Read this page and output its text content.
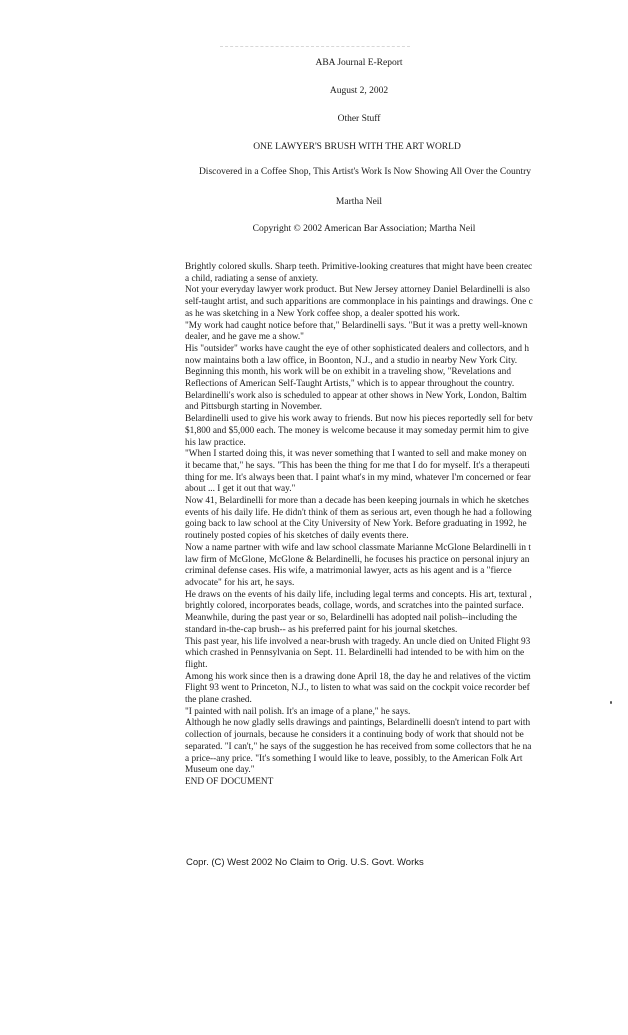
ABA Journal E-Report
August 2, 2002
Other Stuff
ONE LAWYER'S BRUSH WITH THE ART WORLD
Discovered in a Coffee Shop, This Artist's Work Is Now Showing All Over the Country
Martha Neil
Copyright © 2002 American Bar Association; Martha Neil
Brightly colored skulls. Sharp teeth. Primitive-looking creatures that might have been createc
a child, radiating a sense of anxiety.
Not your everyday lawyer work product. But New Jersey attorney Daniel Belardinelli is also
self-taught artist, and such apparitions are commonplace in his paintings and drawings. One c
as he was sketching in a New York coffee shop, a dealer spotted his work.
"My work had caught notice before that," Belardinelli says. "But it was a pretty well-known
dealer, and he gave me a show."
His "outsider" works have caught the eye of other sophisticated dealers and collectors, and h
now maintains both a law office, in Boonton, N.J., and a studio in nearby New York City.
Beginning this month, his work will be on exhibit in a traveling show, "Revelations and
Reflections of American Self-Taught Artists," which is to appear throughout the country.
Belardinelli's work also is scheduled to appear at other shows in New York, London, Baltim
and Pittsburgh starting in November.
Belardinelli used to give his work away to friends. But now his pieces reportedly sell for betv
$1,800 and $5,000 each. The money is welcome because it may someday permit him to give
his law practice.
"When I started doing this, it was never something that I wanted to sell and make money on
it became that," he says. "This has been the thing for me that I do for myself. It's a therapeuti
thing for me. It's always been that. I paint what's in my mind, whatever I'm concerned or fear
about ... I get it out that way."
Now 41, Belardinelli for more than a decade has been keeping journals in which he sketches
events of his daily life. He didn't think of them as serious art, even though he had a following
going back to law school at the City University of New York. Before graduating in 1992, he
routinely posted copies of his sketches of daily events there.
Now a name partner with wife and law school classmate Marianne McGlone Belardinelli in t
law firm of McGlone, McGlone & Belardinelli, he focuses his practice on personal injury an
criminal defense cases. His wife, a matrimonial lawyer, acts as his agent and is a "fierce
advocate" for his art, he says.
He draws on the events of his daily life, including legal terms and concepts. His art, textural ,
brightly colored, incorporates beads, collage, words, and scratches into the painted surface.
Meanwhile, during the past year or so, Belardinelli has adopted nail polish--including the
standard in-the-cap brush-- as his preferred paint for his journal sketches.
This past year, his life involved a near-brush with tragedy. An uncle died on United Flight 93
which crashed in Pennsylvania on Sept. 11. Belardinelli had intended to be with him on the
flight.
Among his work since then is a drawing done April 18, the day he and relatives of the victim
Flight 93 went to Princeton, N.J., to listen to what was said on the cockpit voice recorder bef
the plane crashed.
"I painted with nail polish. It's an image of a plane," he says.
Although he now gladly sells drawings and paintings, Belardinelli doesn't intend to part with
collection of journals, because he considers it a continuing body of work that should not be
separated. "I can't," he says of the suggestion he has received from some collectors that he na
a price--any price. "It's something I would like to leave, possibly, to the American Folk Art
Museum one day."
END OF DOCUMENT
Copr. (C) West 2002 No Claim to Orig. U.S. Govt. Works
